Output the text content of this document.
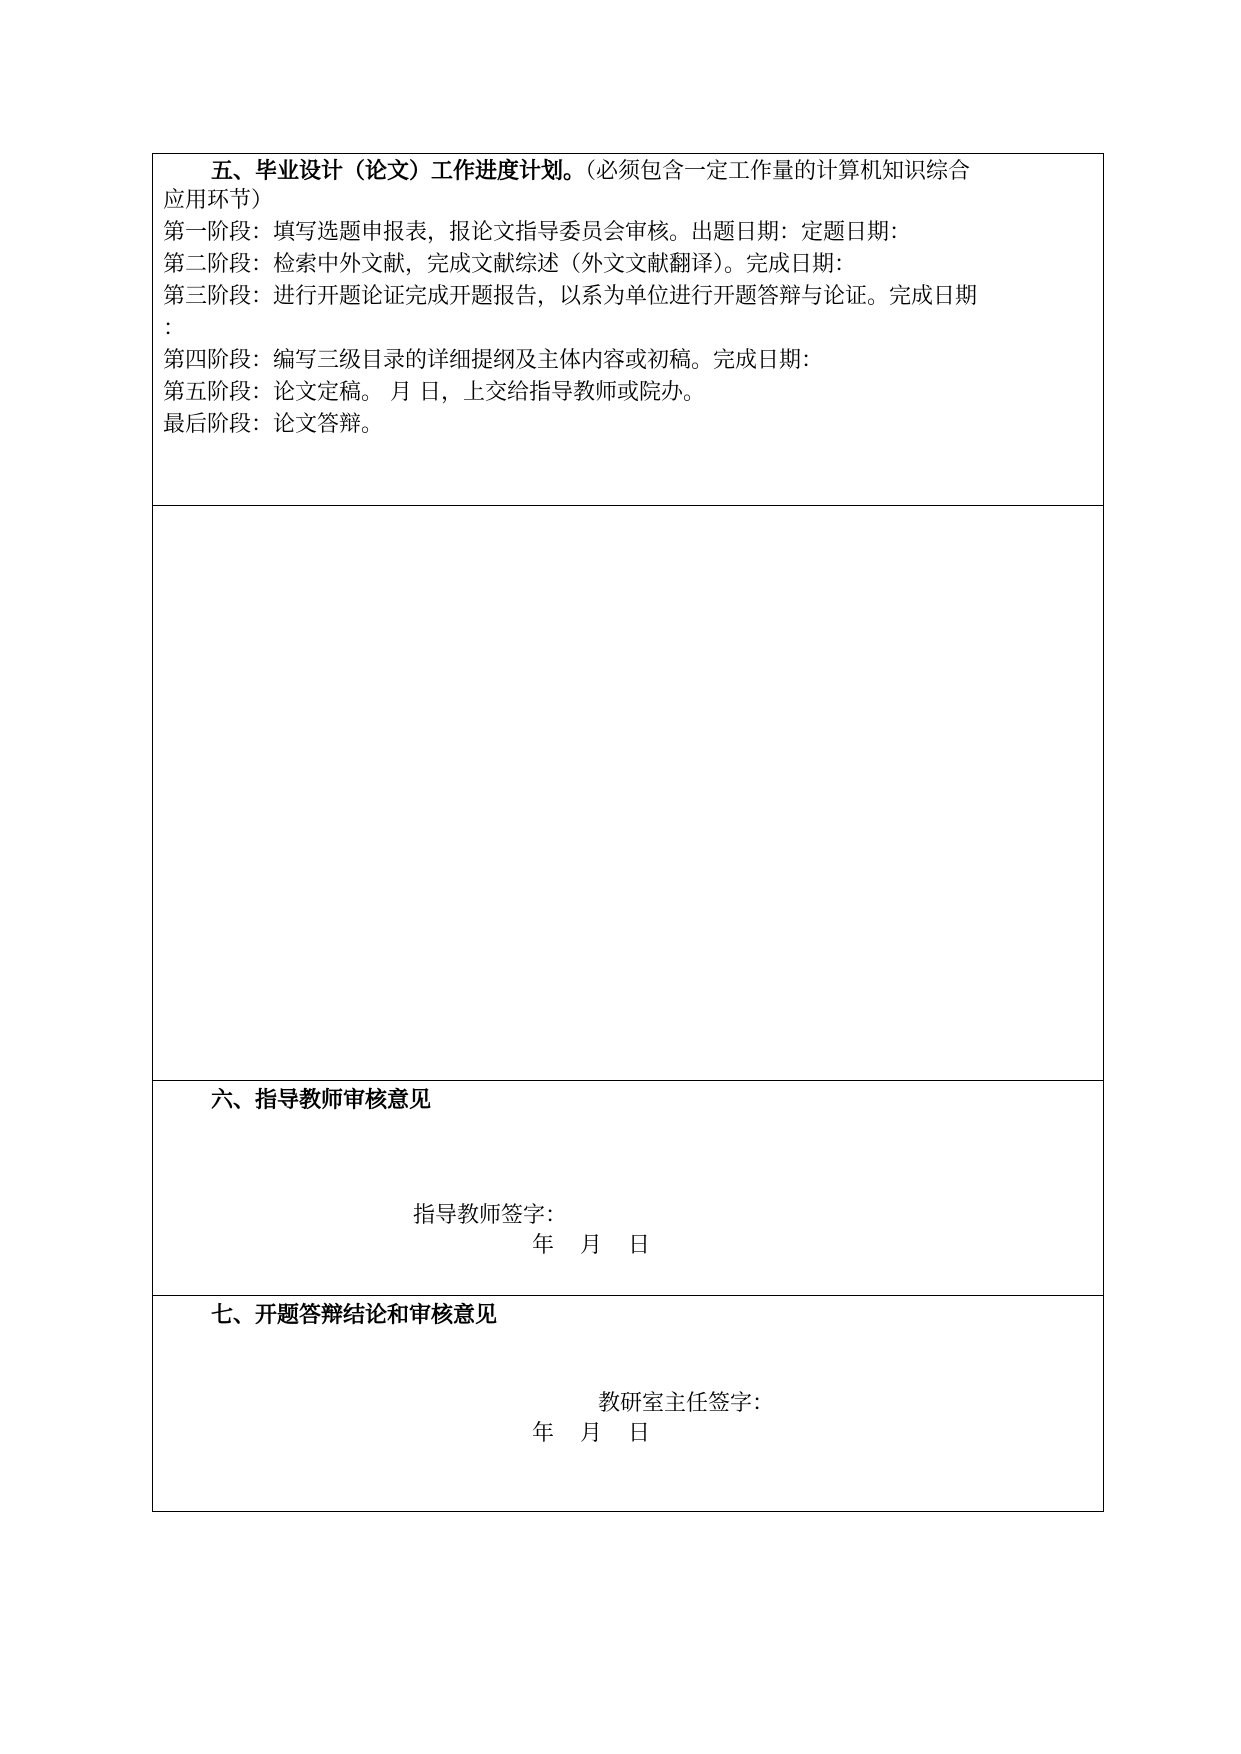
五、毕业设计（论文）工作进度计划。（必须包含一定工作量的计算机知识综合
应用环节）
第一阶段：填写选题申报表，报论文指导委员会审核。出题日期：定题日期：
第二阶段：检索中外文献，完成文献综述（外文文献翻译）。完成日期：
第三阶段：进行开题论证完成开题报告，以系为单位进行开题答辩与论证。完成日期
：
第四阶段：编写三级目录的详细提纲及主体内容或初稿。完成日期：
第五阶段：论文定稿。 月 日，上交给指导教师或院办。
最后阶段：论文答辩。
六、指导教师审核意见
指导教师签字：
年 月 日
七、开题答辩结论和审核意见
教研室主任签字：
年 月 日
